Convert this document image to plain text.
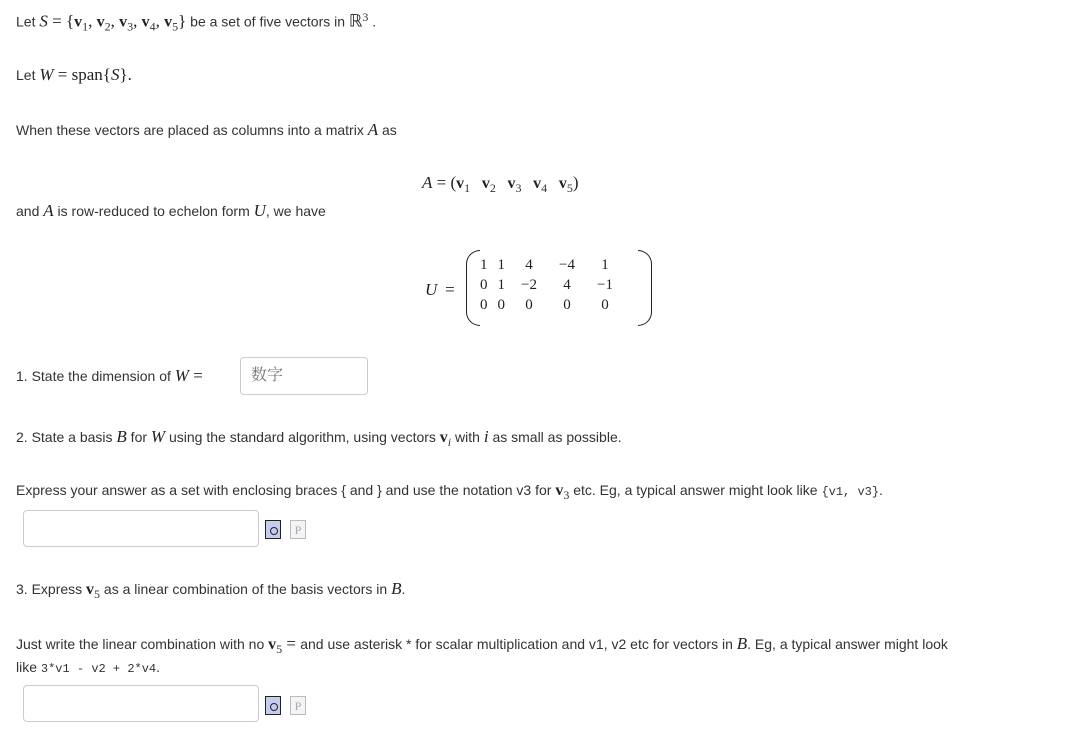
Let $S = \{v_1$, $v_2$, $v_3$, $v_4$, $v_5$} be a set of five vectors in ℝ$^3$ .
Let W = span{S}.
When these vectors are placed as columns into a matrix A as
$A = (v_1$ $v_2$ $v_3$ $v_4$ $v_5$)
and A is row-reduced to echelon form U, we have
U =
1	1	4	−4	1
0	1	−2	4	−1
0	0	0	0	0
1. State the dimension of W =
数字
2. State a basis B for W using the standard algorithm, using vectors $v_i$ with i as small as possible.
Express your answer as a set with enclosing braces { and } and use the notation v3 for $v_3$ etc. Eg, a typical answer might look like {v1, v3}.
P
3. Express $v_5$ as a linear combination of the basis vectors in B.
Just write the linear combination with no $v_5$ = and use asterisk * for scalar multiplication and v1, v2 etc for vectors in B. Eg, a typical answer might look
like 3*v1 - v2 + 2*v4.
P
